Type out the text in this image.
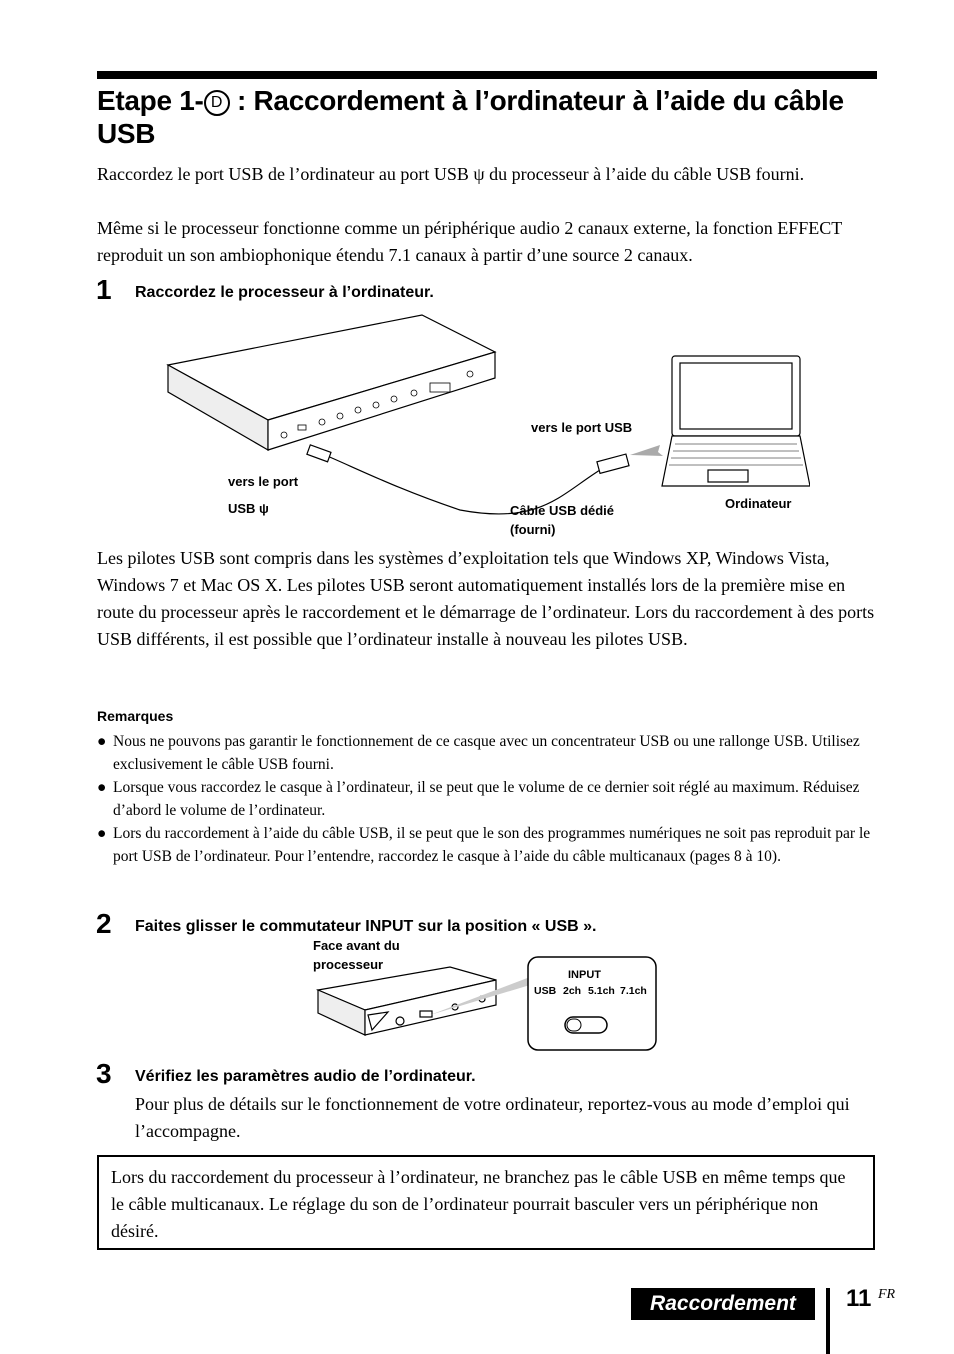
Etape 1- D : Raccordement à l’ordinateur à l’aide du câble USB

Raccordez le port USB de l’ordinateur au port USB ψ du processeur à l’aide du câble USB fourni.

Même si le processeur fonctionne comme un périphérique audio 2 canaux externe, la fonction EFFECT reproduit un son ambiophonique étendu 7.1 canaux à partir d’une source 2 canaux.

1 Raccordez le processeur à l’ordinateur.
vers le port
USB ψ
vers le port USB
Câble USB dédié
(fourni)
Ordinateur

Les pilotes USB sont compris dans les systèmes d’exploitation tels que Windows XP, Windows Vista, Windows 7 et Mac OS X. Les pilotes USB seront automatiquement installés lors de la première mise en route du processeur après le raccordement et le démarrage de l’ordinateur. Lors du raccordement à des ports USB différents, il est possible que l’ordinateur installe à nouveau les pilotes USB.

Remarques
● Nous ne pouvons pas garantir le fonctionnement de ce casque avec un concentrateur USB ou une rallonge USB. Utilisez exclusivement le câble USB fourni.
● Lorsque vous raccordez le casque à l’ordinateur, il se peut que le volume de ce dernier soit réglé au maximum. Réduisez d’abord le volume de l’ordinateur.
● Lors du raccordement à l’aide du câble USB, il se peut que le son des programmes numériques ne soit pas reproduit par le port USB de l’ordinateur. Pour l’entendre, raccordez le casque à l’aide du câble multicanaux (pages 8 à 10).
2 Faites glisser le commutateur INPUT sur la position « USB ».
Face avant du
processeur
INPUT
USB 2ch 5.1ch 7.1ch
3 Vérifiez les paramètres audio de l’ordinateur.

Pour plus de détails sur le fonctionnement de votre ordinateur, reportez-vous au mode d’emploi qui l’accompagne.

Lors du raccordement du processeur à l’ordinateur, ne branchez pas le câble USB en même temps que le câble multicanaux. Le réglage du son de l’ordinateur pourrait basculer vers un périphérique non désiré.

Raccordement	11 FR
